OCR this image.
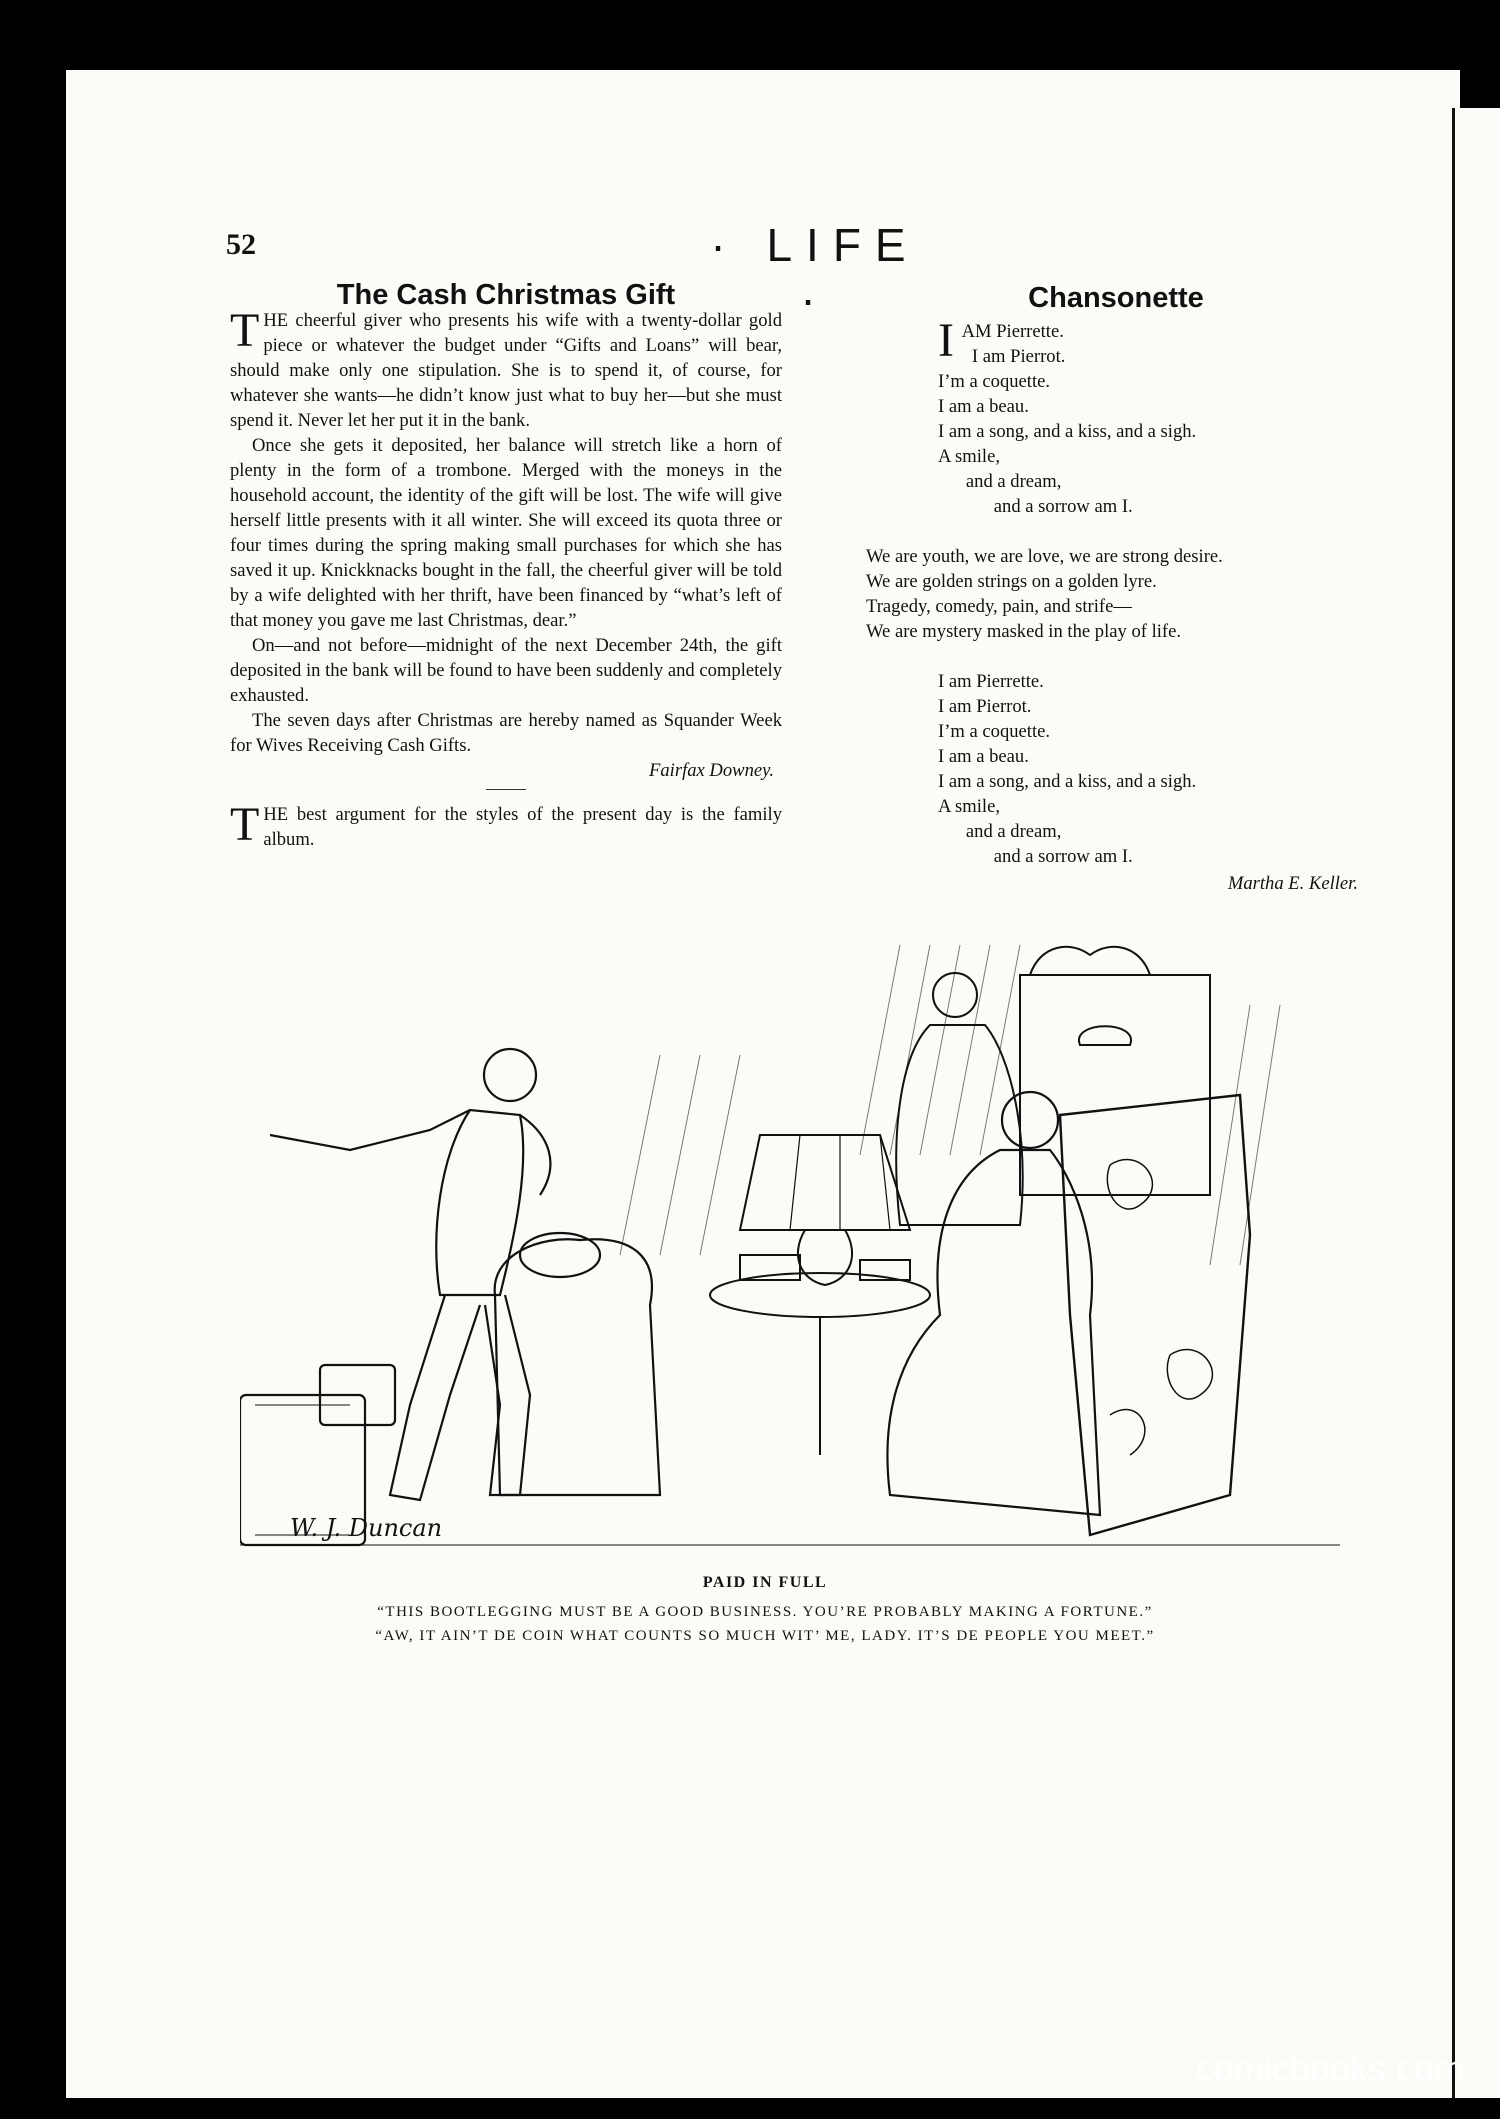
52	· LIFE ·
The Cash Christmas Gift

THE cheerful giver who presents his wife with a twenty-dollar gold piece or whatever the budget under “Gifts and Loans” will bear, should make only one stipulation. She is to spend it, of course, for whatever she wants—he didn’t know just what to buy her—but she must spend it. Never let her put it in the bank.

Once she gets it deposited, her balance will stretch like a horn of plenty in the form of a trombone. Merged with the moneys in the household account, the identity of the gift will be lost. The wife will give herself little presents with it all winter. She will exceed its quota three or four times during the spring making small purchases for which she has saved it up. Knickknacks bought in the fall, the cheerful giver will be told by a wife delighted with her thrift, have been financed by “what’s left of that money you gave me last Christmas, dear.”

On—and not before—midnight of the next December 24th, the gift deposited in the bank will be found to have been suddenly and completely exhausted.

The seven days after Christmas are hereby named as Squander Week for Wives Receiving Cash Gifts.

Fairfax Downey.

THE best argument for the styles of the present day is the family album.

Chansonette

I AM Pierrette.
I am Pierrot.
I’m a coquette.
I am a beau.
I am a song, and a kiss, and a sigh.
A smile,
and a dream,
and a sorrow am I.

We are youth, we are love, we are strong desire.
We are golden strings on a golden lyre.
Tragedy, comedy, pain, and strife—
We are mystery masked in the play of life.

I am Pierrette.
I am Pierrot.
I’m a coquette.
I am a beau.
I am a song, and a kiss, and a sigh.
A smile,
and a dream,
and a sorrow am I.

Martha E. Keller.

W. J. Duncan
PAID IN FULL
“THIS BOOTLEGGING MUST BE A GOOD BUSINESS. YOU’RE PROBABLY MAKING A FORTUNE.”
“AW, IT AIN’T DE COIN WHAT COUNTS SO MUCH WIT’ ME, LADY. IT’S DE PEOPLE YOU MEET.”
comicbooks.com
